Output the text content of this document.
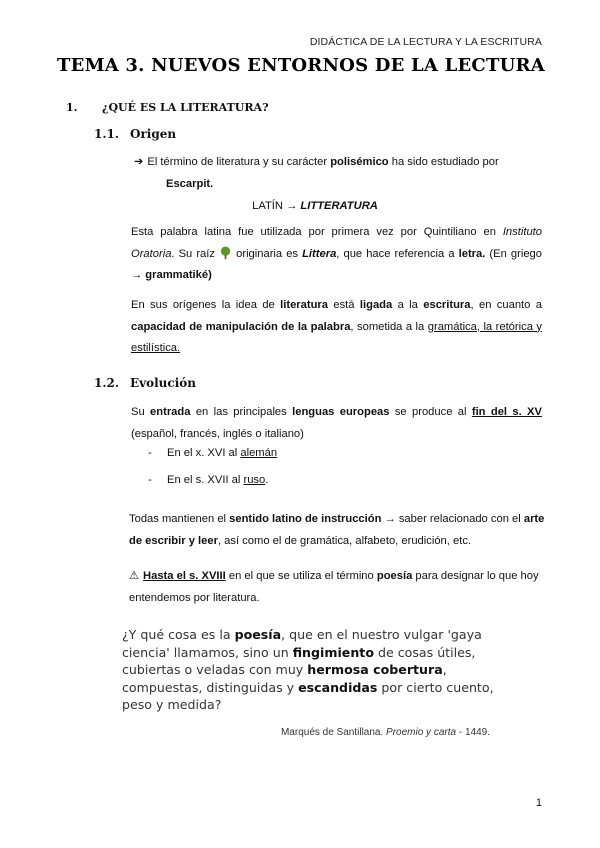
DIDÁCTICA DE LA LECTURA Y LA ESCRITURA
TEMA 3. NUEVOS ENTORNOS DE LA LECTURA
1. ¿QUÉ ES LA LITERATURA?
1.1. Origen
➔ El término de literatura y su carácter polisémico ha sido estudiado por
Escarpit.
LATÍN → LITTERATURA
Esta palabra latina fue utilizada por primera vez por Quintiliano en Instituto Oratoria. Su raíz  originaria es Littera, que hace referencia a letra. (En griego → grammatiké)
En sus orígenes la idea de literatura está ligada a la escritura, en cuanto a capacidad de manipulación de la palabra, sometida a la gramática, la retórica y estilística.
1.2. Evolución
Su entrada en las principales lenguas europeas se produce al fin del s. XV (español, francés, inglés o italiano)
- En el x. XVI al alemán
- En el s. XVII al ruso.
Todas mantienen el sentido latino de instrucción → saber relacionado con el arte de escribir y leer, así como el de gramática, alfabeto, erudición, etc.
⚠ Hasta el s. XVIII en el que se utiliza el término poesía para designar lo que hoy entendemos por literatura.
¿Y qué cosa es la poesía, que en el nuestro vulgar 'gaya ciencia' llamamos, sino un fingimiento de cosas útiles, cubiertas o veladas con muy hermosa cobertura, compuestas, distinguidas y escandidas por cierto cuento, peso y medida?
Marqués de Santillana. Proemio y carta - 1449.
1
